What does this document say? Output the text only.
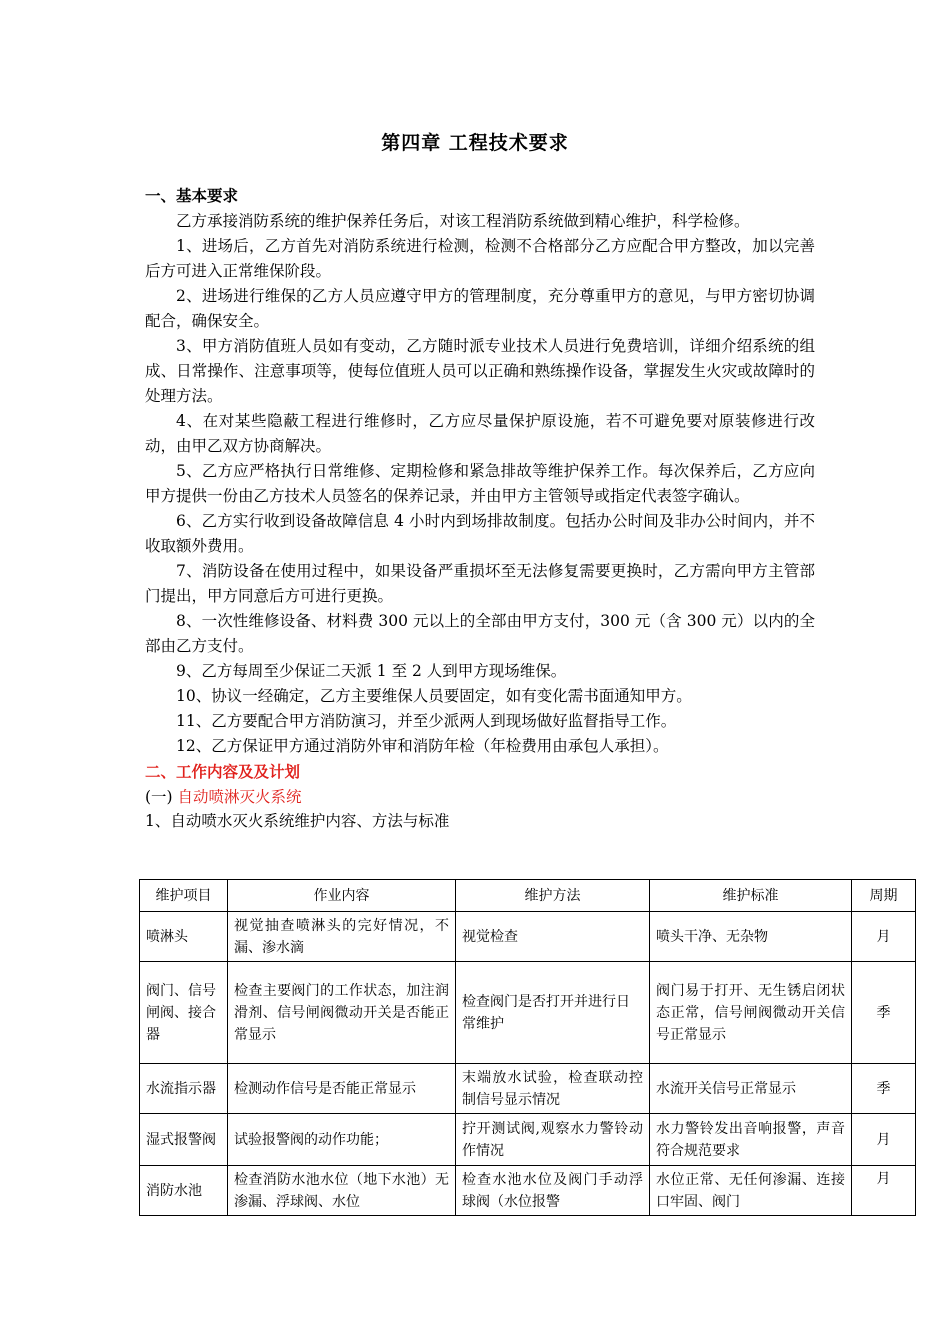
第四章 工程技术要求

一、基本要求

乙方承接消防系统的维护保养任务后，对该工程消防系统做到精心维护，科学检修。

1、进场后，乙方首先对消防系统进行检测，检测不合格部分乙方应配合甲方整改，加以完善后方可进入正常维保阶段。

2、进场进行维保的乙方人员应遵守甲方的管理制度，充分尊重甲方的意见，与甲方密切协调配合，确保安全。

3、甲方消防值班人员如有变动，乙方随时派专业技术人员进行免费培训，详细介绍系统的组成、日常操作、注意事项等，使每位值班人员可以正确和熟练操作设备，掌握发生火灾或故障时的处理方法。

4、在对某些隐蔽工程进行维修时，乙方应尽量保护原设施，若不可避免要对原装修进行改动，由甲乙双方协商解决。

5、乙方应严格执行日常维修、定期检修和紧急排故等维护保养工作。每次保养后，乙方应向甲方提供一份由乙方技术人员签名的保养记录，并由甲方主管领导或指定代表签字确认。

6、乙方实行收到设备故障信息 4 小时内到场排故制度。包括办公时间及非办公时间内，并不收取额外费用。

7、消防设备在使用过程中，如果设备严重损坏至无法修复需要更换时，乙方需向甲方主管部门提出，甲方同意后方可进行更换。

8、一次性维修设备、材料费 300 元以上的全部由甲方支付，300 元（含 300 元）以内的全部由乙方支付。

9、乙方每周至少保证二天派 1 至 2 人到甲方现场维保。

10、协议一经确定，乙方主要维保人员要固定，如有变化需书面通知甲方。

11、乙方要配合甲方消防演习，并至少派两人到现场做好监督指导工作。

12、乙方保证甲方通过消防外审和消防年检（年检费用由承包人承担）。

二、工作内容及及计划

(一) 自动喷淋灭火系统

1、自动喷水灭火系统维护内容、方法与标准

维护项目	作业内容	维护方法	维护标准	周期
喷淋头	视觉抽查喷淋头的完好情况，不漏、渗水滴	视觉检查	喷头干净、无杂物	月
阀门、信号闸阀、接合器	检查主要阀门的工作状态，加注润滑剂、信号闸阀微动开关是否能正常显示	检查阀门是否打开并进行日常维护	阀门易于打开、无生锈启闭状态正常，信号闸阀微动开关信号正常显示	季
水流指示器	检测动作信号是否能正常显示	末端放水试验，检查联动控制信号显示情况	水流开关信号正常显示	季
湿式报警阀	试验报警阀的动作功能；	拧开测试阀,观察水力警铃动作情况	水力警铃发出音响报警，声音符合规范要求	月
消防水池	检查消防水池水位（地下水池）无渗漏、浮球阀、水位	检查水池水位及阀门手动浮球阀（水位报警	水位正常、无任何渗漏、连接口牢固、阀门	月
